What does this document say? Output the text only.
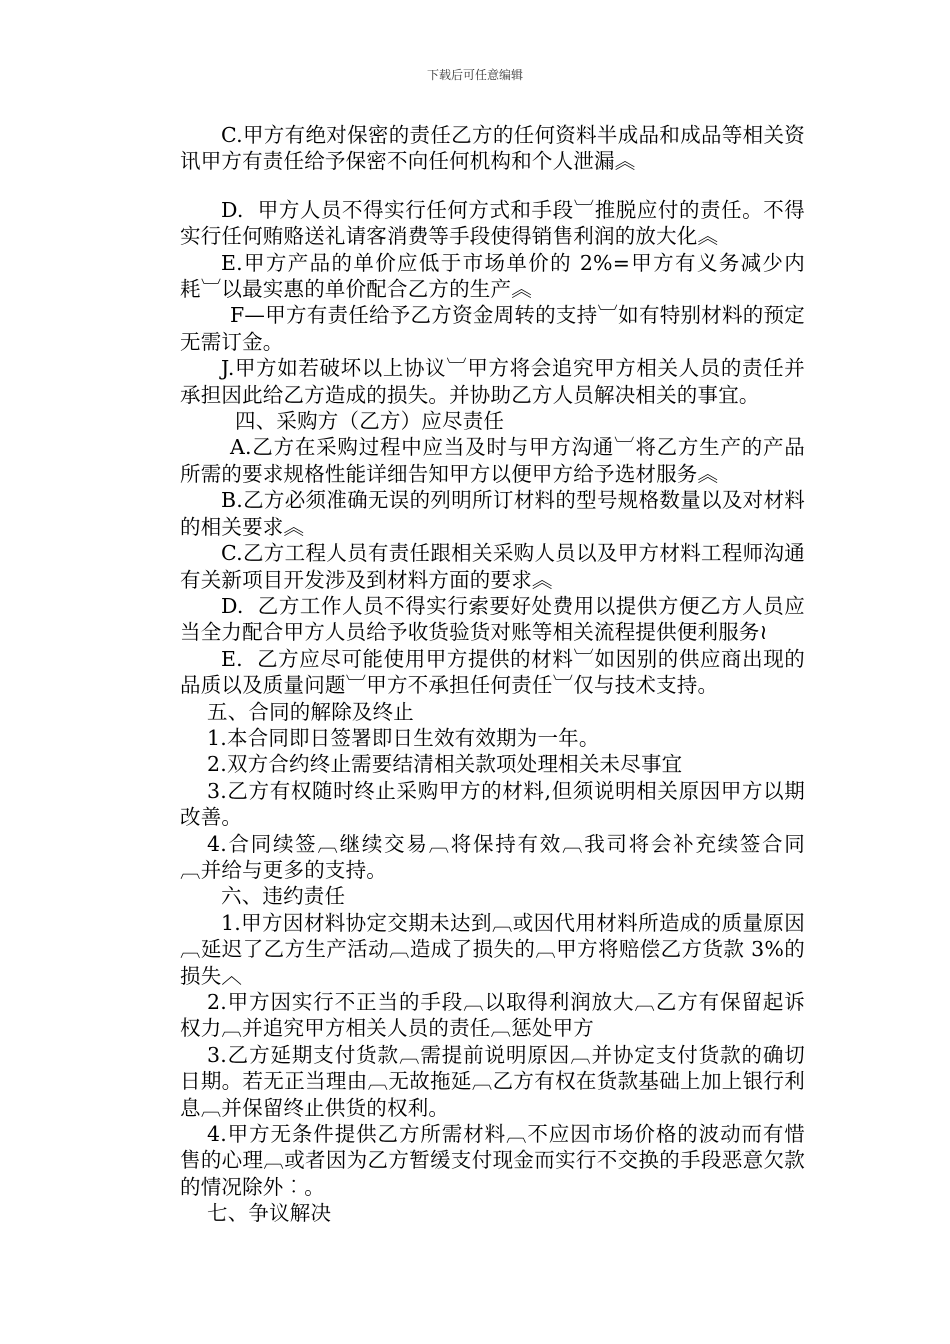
下载后可任意编辑

C.甲方有绝对保密的责任乙方的任何资料半成品和成品等相关资讯甲方有责任给予保密不向任何机构和个人泄漏︽

D.  甲方人员不得实行任何方式和手段︺推脱应付的责任。不得实行任何贿赂送礼请客消费等手段使得销售利润的放大化︽

E.甲方产品的单价应低于市场单价的 2%=甲方有义务减少内耗︺以最实惠的单价配合乙方的生产︽

F—甲方有责任给予乙方资金周转的支持︺如有特别材料的预定无需订金。

J.甲方如若破坏以上协议︺甲方将会追究甲方相关人员的责任并承担因此给乙方造成的损失。并协助乙方人员解决相关的事宜。

四、采购方（乙方）应尽责任

A.乙方在采购过程中应当及时与甲方沟通︺将乙方生产的产品所需的要求规格性能详细告知甲方以便甲方给予选材服务︽

B.乙方必须准确无误的列明所订材料的型号规格数量以及对材料的相关要求︽

C.乙方工程人员有责任跟相关采购人员以及甲方材料工程师沟通有关新项目开发涉及到材料方面的要求︽

D.  乙方工作人员不得实行索要好处费用以提供方便乙方人员应当全力配合甲方人员给予收货验货对账等相关流程提供便利服务≀

E.  乙方应尽可能使用甲方提供的材料︺如因别的供应商出现的品质以及质量问题︺甲方不承担任何责任︺仅与技术支持。

五、合同的解除及终止

1.本合同即日签署即日生效有效期为一年。

2.双方合约终止需要结清相关款项处理相关未尽事宜

3.乙方有权随时终止采购甲方的材料,但须说明相关原因甲方以期改善。

4.合同续签︹继续交易︹将保持有效︹我司将会补充续签合同︹并给与更多的支持。

六、违约责任

1.甲方因材料协定交期未达到︹或因代用材料所造成的质量原因︹延迟了乙方生产活动︹造成了损失的︹甲方将赔偿乙方货款 3%的损失︿

2.甲方因实行不正当的手段︹以取得利润放大︹乙方有保留起诉权力︹并追究甲方相关人员的责任︹惩处甲方

3.乙方延期支付货款︹需提前说明原因︹并协定支付货款的确切日期。若无正当理由︹无故拖延︹乙方有权在货款基础上加上银行利息︹并保留终止供货的权利。

4.甲方无条件提供乙方所需材料︹不应因市场价格的波动而有惜售的心理︹或者因为乙方暂缓支付现金而实行不交换的手段恶意欠款的情况除外︰。

七、争议解决
